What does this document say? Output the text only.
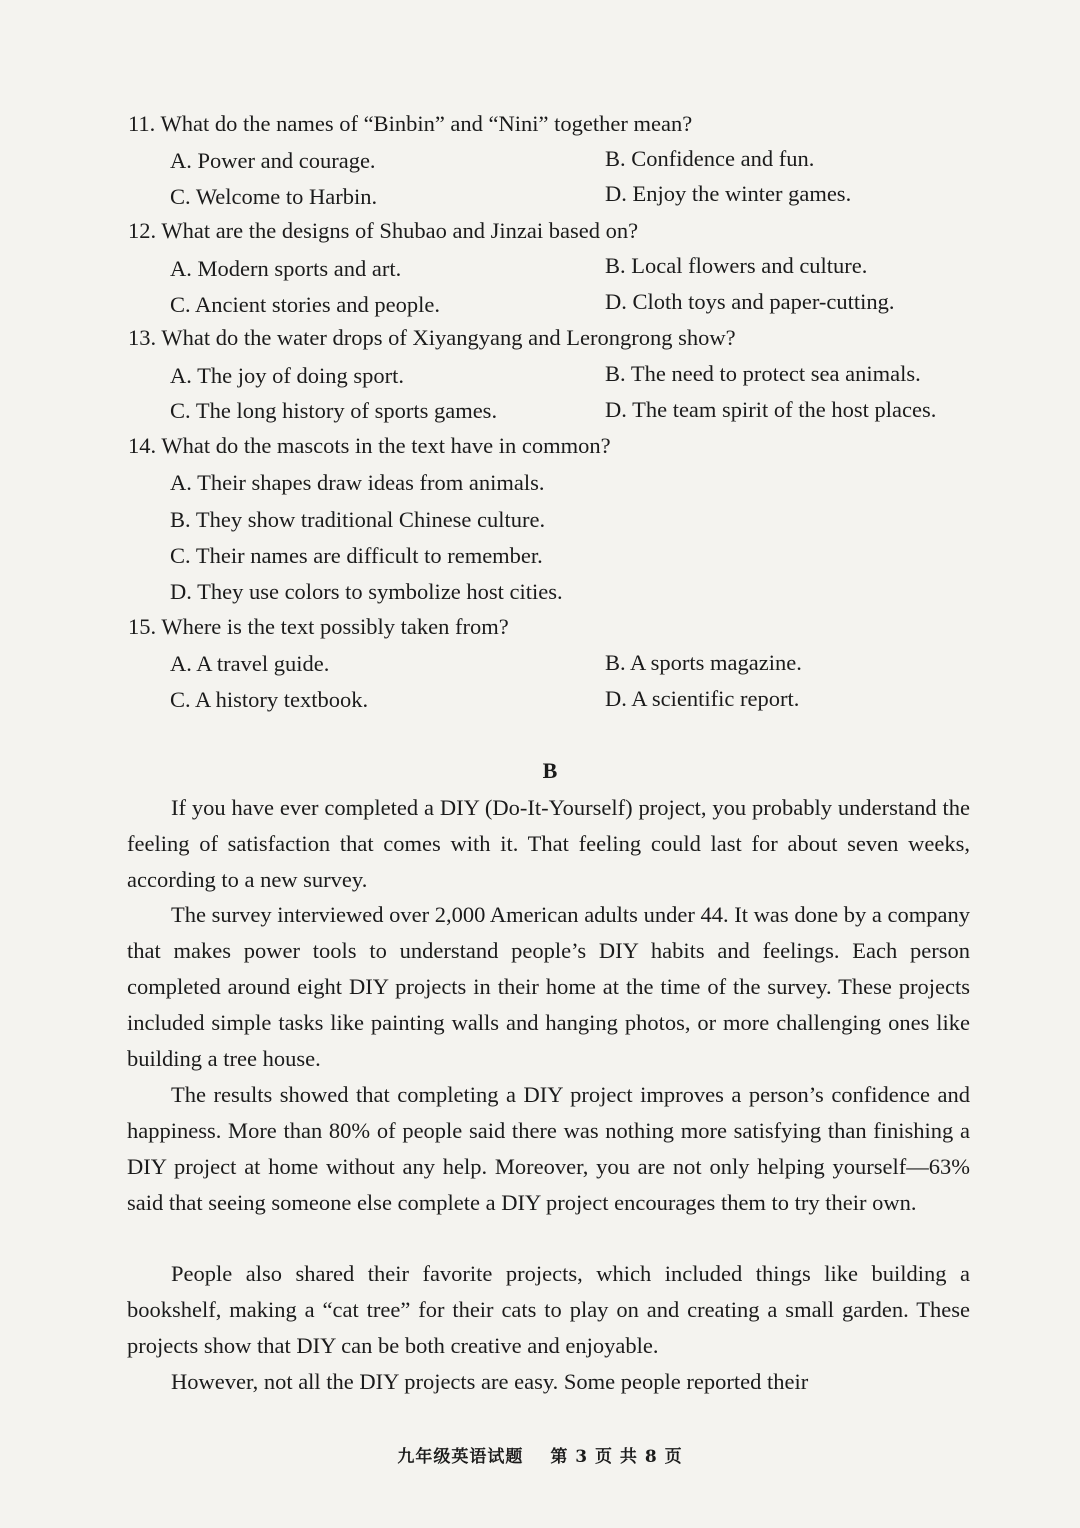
11. What do the names of “Binbin” and “Nini” together mean?
A. Power and courage.	B. Confidence and fun.
C. Welcome to Harbin.	D. Enjoy the winter games.
12. What are the designs of Shubao and Jinzai based on?
A. Modern sports and art.	B. Local flowers and culture.
C. Ancient stories and people.	D. Cloth toys and paper-cutting.
13. What do the water drops of Xiyangyang and Lerongrong show?
A. The joy of doing sport.	B. The need to protect sea animals.
C. The long history of sports games.	D. The team spirit of the host places.
14. What do the mascots in the text have in common?
A. Their shapes draw ideas from animals.
B. They show traditional Chinese culture.
C. Their names are difficult to remember.
D. They use colors to symbolize host cities.
15. Where is the text possibly taken from?
A. A travel guide.	B. A sports magazine.
C. A history textbook.	D. A scientific report.
B

If you have ever completed a DIY (Do-It-Yourself) project, you probably understand the feeling of satisfaction that comes with it. That feeling could last for about seven weeks, according to a new survey.

The survey interviewed over 2,000 American adults under 44. It was done by a company that makes power tools to understand people’s DIY habits and feelings. Each person completed around eight DIY projects in their home at the time of the survey. These projects included simple tasks like painting walls and hanging photos, or more challenging ones like building a tree house.

The results showed that completing a DIY project improves a person’s confidence and happiness. More than 80% of people said there was nothing more satisfying than finishing a DIY project at home without any help. Moreover, you are not only helping yourself—63% said that seeing someone else complete a DIY project encourages them to try their own.

People also shared their favorite projects, which included things like building a bookshelf, making a “cat tree” for their cats to play on and creating a small garden. These projects show that DIY can be both creative and enjoyable.

However, not all the DIY projects are easy. Some people reported their

九年级英语试题 第 3 页 共 8 页
